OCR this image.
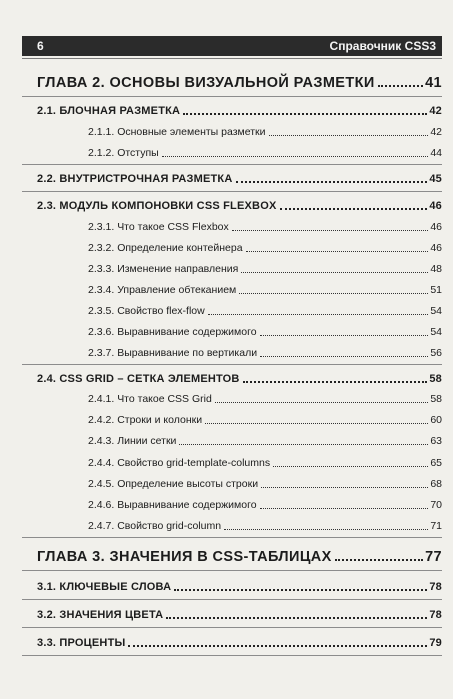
6	Справочник CSS3
ГЛАВА 2. ОСНОВЫ ВИЗУАЛЬНОЙ РАЗМЕТКИ	41
2.1. БЛОЧНАЯ РАЗМЕТКА	42
2.1.1. Основные элементы разметки	42
2.1.2. Отступы	44
2.2. ВНУТРИСТРОЧНАЯ РАЗМЕТКА	45
2.3. МОДУЛЬ КОМПОНОВКИ CSS FLEXBOX	46
2.3.1. Что такое CSS Flexbox	46
2.3.2. Определение контейнера	46
2.3.3. Изменение направления	48
2.3.4. Управление обтеканием	51
2.3.5. Свойство flex-flow	54
2.3.6. Выравнивание содержимого	54
2.3.7. Выравнивание по вертикали	56
2.4. CSS GRID – СЕТКА ЭЛЕМЕНТОВ	58
2.4.1. Что такое CSS Grid	58
2.4.2. Строки и колонки	60
2.4.3. Линии сетки	63
2.4.4. Свойство grid-template-columns	65
2.4.5. Определение высоты строки	68
2.4.6. Выравнивание содержимого	70
2.4.7. Свойство grid-column	71
ГЛАВА 3. ЗНАЧЕНИЯ В CSS-ТАБЛИЦАХ	77
3.1. КЛЮЧЕВЫЕ СЛОВА	78
3.2. ЗНАЧЕНИЯ ЦВЕТА	78
3.3. ПРОЦЕНТЫ	79
